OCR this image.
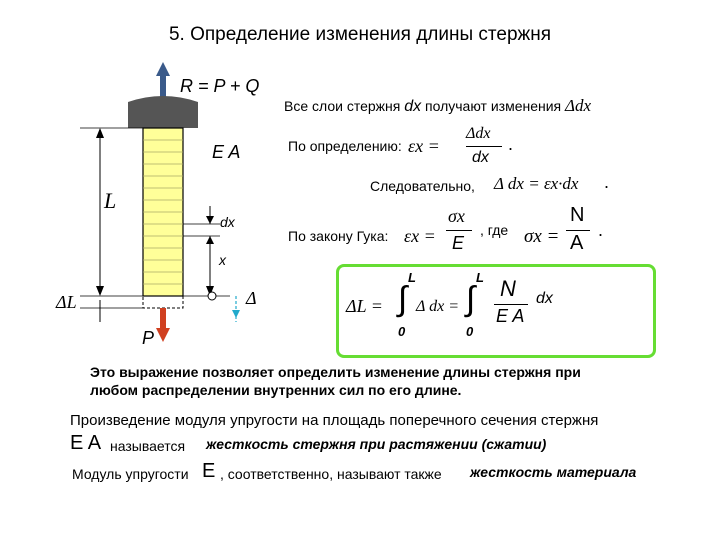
5. Определение изменения длины стержня
R = P + Q
E A
L
dx
x
ΔL	Δ
P
Все слои стержня dx получают изменения Δdx
По определению: εx =
Δdx
dx
.
Следовательно, Δ dx = εx·dx .
По закону Гука: εx =
σx
E
, где σx =
N
A
.
ΔL = ∫
L
0
Δ dx = ∫
L
0
N
E A
dx
Это выражение позволяет определить изменение длины стержня при
любом распределении внутренних сил по его длине.
Произведение модуля упругости на площадь поперечного сечения стержня
E A называется жесткость стержня при растяжении (сжатии)
Модуль упругости E , соответственно, называют также жесткость материала
